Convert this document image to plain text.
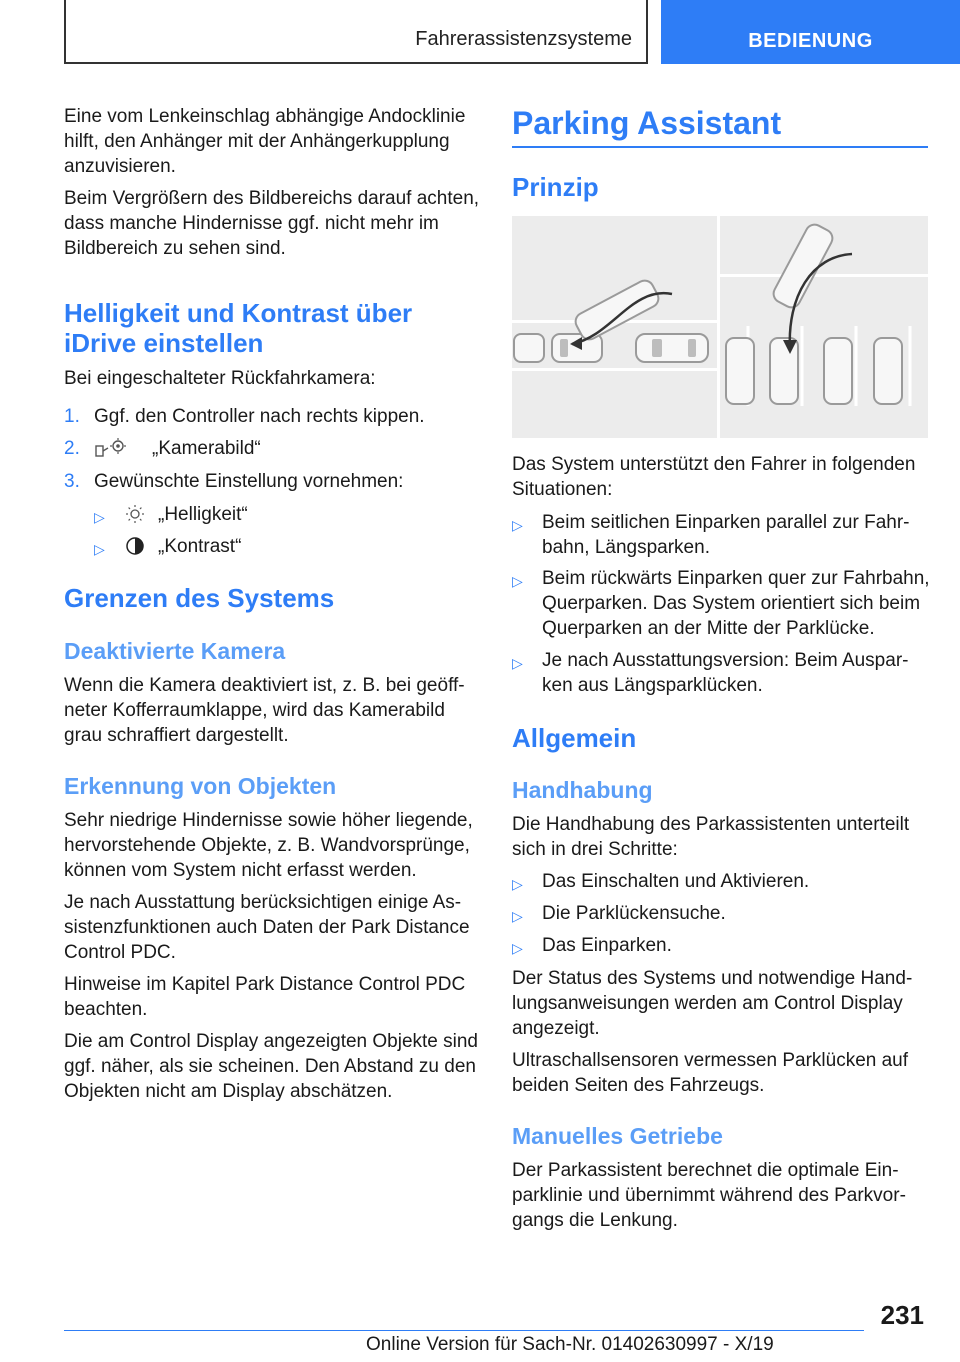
Fahrerassistenzsysteme	BEDIENUNG

Eine vom Lenkeinschlag abhängige Andocklinie hilft, den Anhänger mit der Anhängerkupplung anzuvisieren.

Beim Vergrößern des Bildbereichs darauf achten, dass manche Hindernisse ggf. nicht mehr im Bildbereich zu sehen sind.

Helligkeit und Kontrast über
iDrive einstellen

Bei eingeschalteter Rückfahrkamera:

1. Ggf. den Controller nach rechts kippen.
2.	„Kamerabild“
3. Gewünschte Einstellung vornehmen:
▷	„Helligkeit“
▷	„Kontrast“
Grenzen des Systems
Deaktivierte Kamera

Wenn die Kamera deaktiviert ist, z. B. bei geöff‐ neter Kofferraumklappe, wird das Kamerabild grau schraffiert dargestellt.

Erkennung von Objekten

Sehr niedrige Hindernisse sowie höher liegende, hervorstehende Objekte, z. B. Wandvorsprünge, können vom System nicht erfasst werden.

Je nach Ausstattung berücksichtigen einige As‐ sistenzfunktionen auch Daten der Park Distance Control PDC.

Hinweise im Kapitel Park Distance Control PDC beachten.

Die am Control Display angezeigten Objekte sind ggf. näher, als sie scheinen. Den Abstand zu den Objekten nicht am Display abschätzen.

Parking Assistant
Prinzip

Das System unterstützt den Fahrer in folgenden Situationen:

▷ Beim seitlichen Einparken parallel zur Fahr‐ bahn, Längsparken.
▷ Beim rückwärts Einparken quer zur Fahrbahn, Querparken. Das System orientiert sich beim Querparken an der Mitte der Parklücke.
▷ Je nach Ausstattungsversion: Beim Auspar‐ ken aus Längsparklücken.
Allgemein
Handhabung

Die Handhabung des Parkassistenten unterteilt sich in drei Schritte:

▷ Das Einschalten und Aktivieren.
▷ Die Parklückensuche.
▷ Das Einparken.

Der Status des Systems und notwendige Hand‐ lungsanweisungen werden am Control Display angezeigt.

Ultraschallsensoren vermessen Parklücken auf beiden Seiten des Fahrzeugs.

Manuelles Getriebe

Der Parkassistent berechnet die optimale Ein‐ parklinie und übernimmt während des Parkvor‐ gangs die Lenkung.

231
Online Version für Sach-Nr. 01402630997 - X/19
